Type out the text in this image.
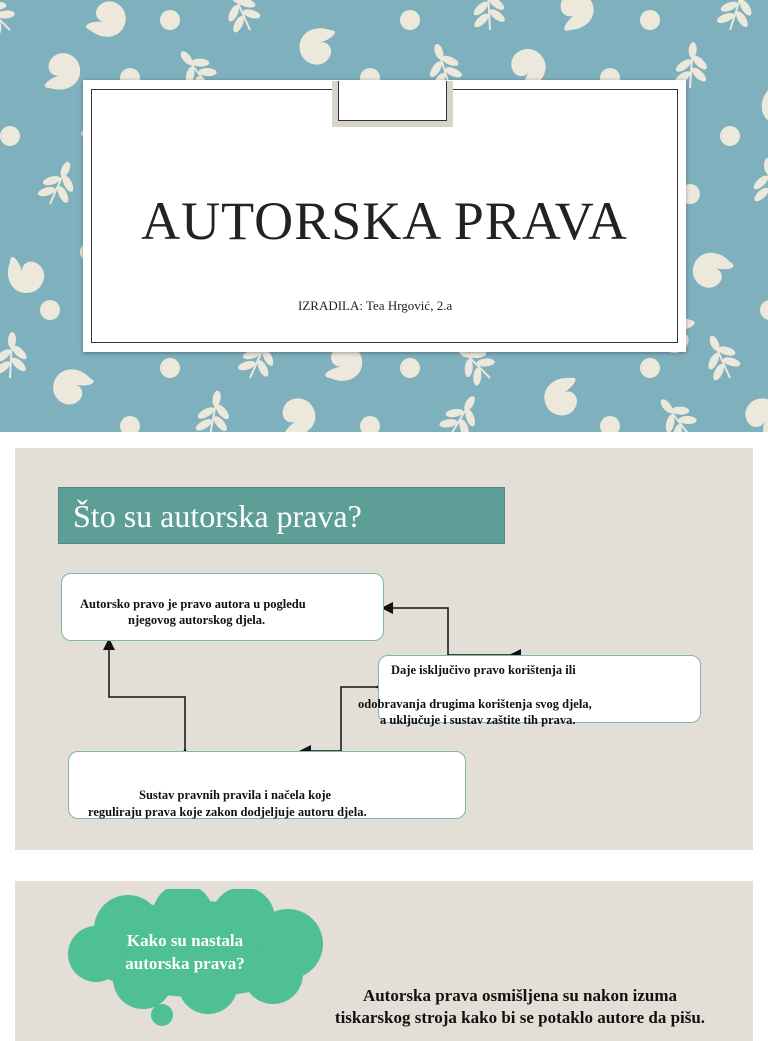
AUTORSKA PRAVA
IZRADILA: Tea Hrgović, 2.a
Što su autorska prava?
Autorsko pravo je pravo autora u pogledu
njegovog autorskog djela.
Daje isključivo pravo korištenja ili
odobravanja drugima korištenja svog djela,
a uključuje i sustav zaštite tih prava.
Sustav pravnih pravila i načela koje
reguliraju prava koje zakon dodjeljuje autoru djela.
Kako su nastala
autorska prava?
Autorska prava osmišljena su nakon izuma
tiskarskog stroja kako bi se potaklo autore da pišu.
